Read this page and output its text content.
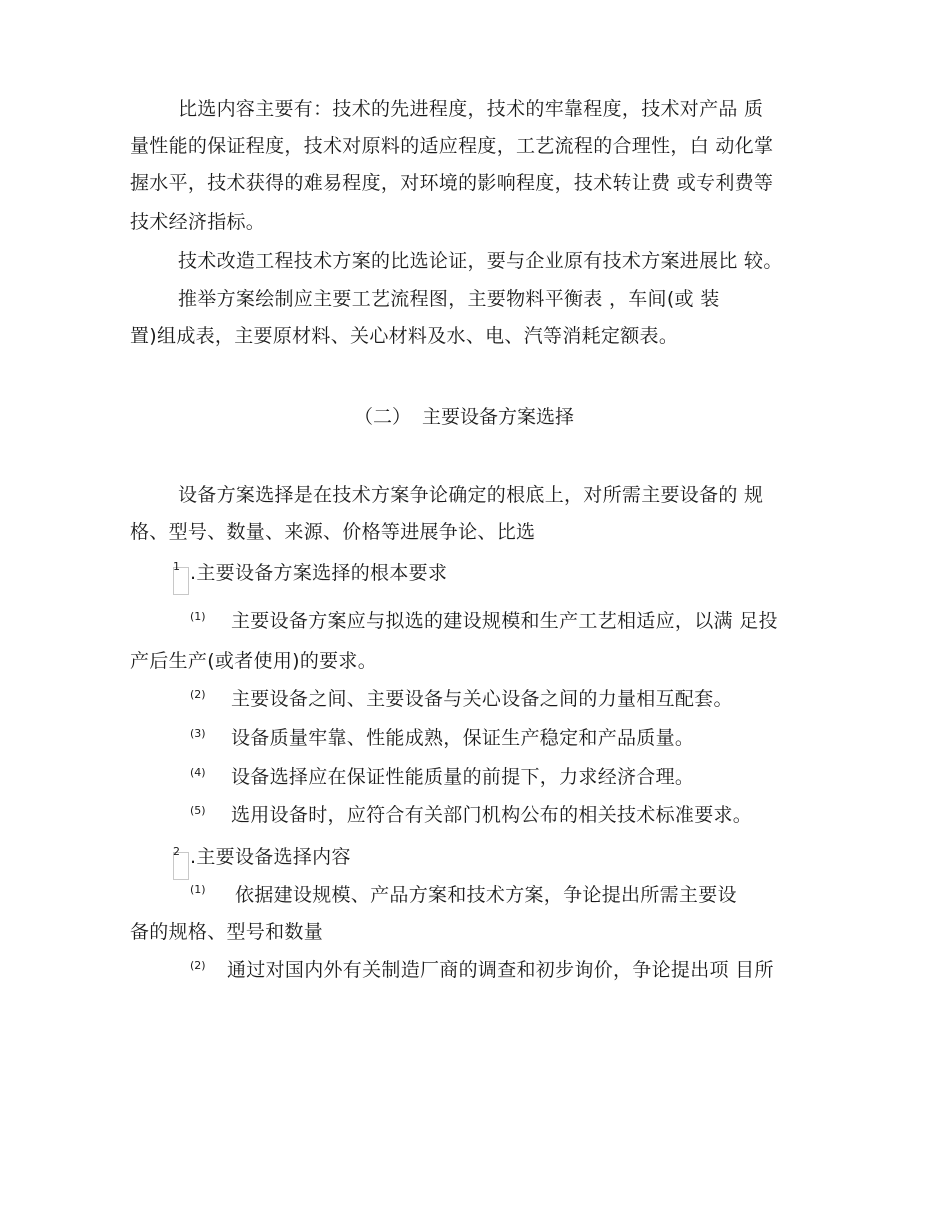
比选内容主要有：技术的先进程度，技术的牢靠程度，技术对产品 质
量性能的保证程度，技术对原料的适应程度，工艺流程的合理性，白 动化掌
握水平，技术获得的难易程度，对环境的影响程度，技术转让费 或专利费等
技术经济指标。
技术改造工程技术方案的比选论证，要与企业原有技术方案进展比 较。
推举方案绘制应主要工艺流程图，主要物料平衡表 ，车间(或 装
置)组成表，主要原材料、关心材料及水、电、汽等消耗定额表。
（二） 主要设备方案选择
设备方案选择是在技术方案争论确定的根底上，对所需主要设备的 规
格、型号、数量、来源、价格等进展争论、比选
1 .主要设备方案选择的根本要求
(1) 主要设备方案应与拟选的建设规模和生产工艺相适应，以满 足投
产后生产(或者使用)的要求。
(2) 主要设备之间、主要设备与关心设备之间的力量相互配套。
(3) 设备质量牢靠、性能成熟，保证生产稳定和产品质量。
(4) 设备选择应在保证性能质量的前提下，力求经济合理。
(5) 选用设备时，应符合有关部门机构公布的相关技术标准要求。
2 .主要设备选择内容
(1) 依据建设规模、产品方案和技术方案，争论提出所需主要设
备的规格、型号和数量
(2) 通过对国内外有关制造厂商的调查和初步询价，争论提出项 目所
